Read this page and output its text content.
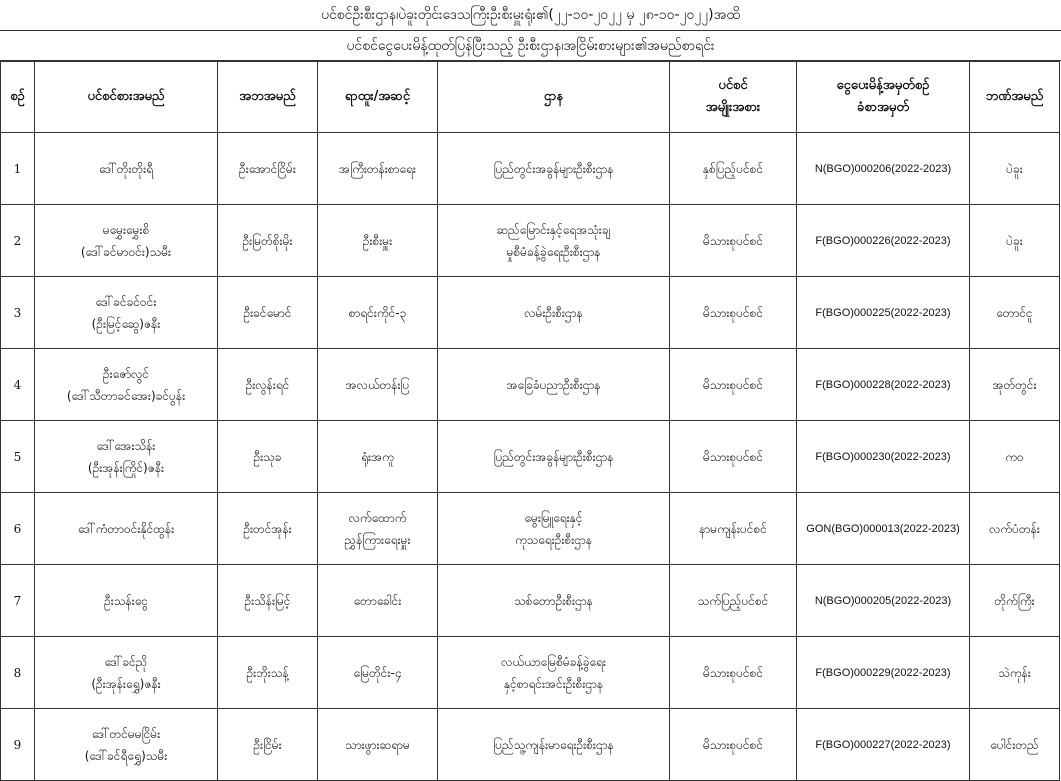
ပင်စင်ဦးစီးဌာန၊ပဲခူးတိုင်းဒေသကြီးဦးစီးမှူးရုံး၏(၂၂-၁၀-၂၀၂၂ မှ ၂၈-၁၀-၂၀၂၂)အထိ
ပင်စင်ငွေပေးမိန့်ထုတ်ပြန်ပြီးသည့် ဦးစီးဌာန၊အငြိမ်းစားများ၏အမည်စာရင်း
စဉ်	ပင်စင်စားအမည်	အဘအမည်	ရာထူး/အဆင့်	ဌာန	ပင်စင်
အမျိုးအစား	ငွေပေးမိန့်အမှတ်စဉ်
ခံစာအမှတ်	ဘဏ်အမည်

1	ဒေါ်တိုးတိုးရီ	ဦးအောင်ငြိမ်း	အကြီးတန်းစာရေး	ပြည်တွင်းအခွန်များဦးစီးဌာန	နှစ်ပြည့်ပင်စင်	N(BGO)000206(2022-2023)	ပဲခူး
2	မမွှေးမွှေးစိ
(ဒေါ်ခင်မာဝင်း)သမီး	ဦးမြတ်စိုးမိုး	ဦးစီးမှူး	ဆည်မြောင်းနှင့်ရေအသုံးချ
မှုစီမံခန့်ခွဲရေးဦးစီးဌာန	မိသားစုပင်စင်	F(BGO)000226(2022-2023)	ပဲခူး
3	ဒေါ်ခင်ခင်ဝင်း
(ဦးမြင့်ဆွေ)ဇနီး	ဦးခင်မောင်	စာရင်းကိုင်-၃	လမ်းဦးစီးဌာန	မိသားစုပင်စင်	F(BGO)000225(2022-2023)	တောင်ငူ
4	ဦးဇော်လွင်
(ဒေါ်သီတာခင်အေး)ခင်ပွန်း	ဦးလွန်းရင်	အလယ်တန်းပြ	အခြေခံပညာဦးစီးဌာန	မိသားစုပင်စင်	F(BGO)000228(2022-2023)	အုတ်တွင်း
5	ဒေါ်အေးသိန်း
(ဦးအုန်းကြိုင်)ဇနီး	ဦးသုခ	ရုံးအကူ	ပြည်တွင်းအခွန်များဦးစီးဌာန	မိသားစုပင်စင်	F(BGO)000230(2022-2023)	ကဝ
6	ဒေါ်ကံတာဝင်းနိုင်ထွန်း	ဦးတင်အုန်း	လက်ထောက်
ညွှန်ကြားရေးမှူး	မွေးမြူရေးနှင့်
ကုသရေးဦးစီးဌာန	နာမကျန်းပင်စင်	GON(BGO)000013(2022-2023)	လက်ပံတန်း
7	ဦးသန်းငွေ	ဦးသိန်းမြင့်	တောခေါင်း	သစ်တောဦးစီးဌာန	သက်ပြည့်ပင်စင်	N(BGO)000205(2022-2023)	တိုက်ကြီး
8	ဒေါ်ခင်ညို
(ဦးအုန်းရွှေ)ဇနီး	ဦးဘိုးသန့်	မြေတိုင်း-၄	လယ်ယာမြေစီမံခန့်ခွဲရေး
နှင့်စာရင်းအင်းဦးစီးဌာန	မိသားစုပင်စင်	F(BGO)000229(2022-2023)	သဲကုန်း
9	ဒေါ်တင်မမငြိမ်း
(ဒေါ်ခင်ရီရွှေ)သမီး	ဦးငြိမ်း	သားဖွားဆရာမ	ပြည်သူ့ကျန်းမာရေးဦးစီးဌာန	မိသားစုပင်စင်	F(BGO)000227(2022-2023)	ပေါင်းတည်
